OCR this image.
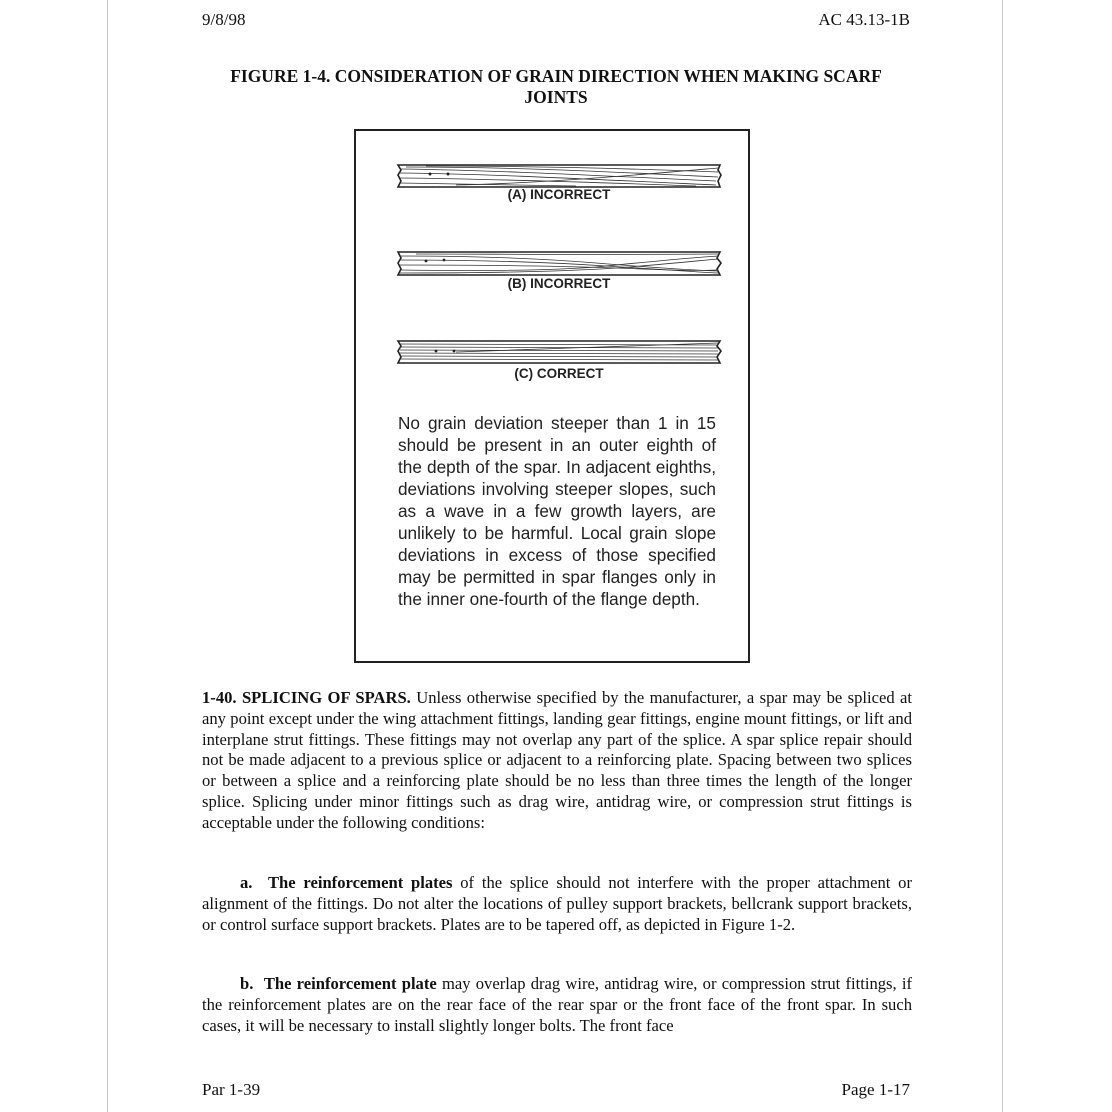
9/8/98	AC 43.13-1B
FIGURE 1-4. CONSIDERATION OF GRAIN DIRECTION WHEN MAKING SCARF JOINTS
(A) INCORRECT
(B) INCORRECT
(C) CORRECT
No grain deviation steeper than 1 in 15 should be present in an outer eighth of the depth of the spar. In adjacent eighths, deviations involving steeper slopes, such as a wave in a few growth layers, are unlikely to be harmful. Local grain slope deviations in excess of those specified may be permitted in spar flanges only in the inner one-fourth of the flange depth.

1-40. SPLICING OF SPARS. Unless otherwise specified by the manufacturer, a spar may be spliced at any point except under the wing attachment fittings, landing gear fittings, engine mount fittings, or lift and interplane strut fittings. These fittings may not overlap any part of the splice. A spar splice repair should not be made adjacent to a previous splice or adjacent to a reinforcing plate. Spacing between two splices or between a splice and a reinforcing plate should be no less than three times the length of the longer splice. Splicing under minor fittings such as drag wire, antidrag wire, or compression strut fittings is acceptable under the following conditions:

a. The reinforcement plates of the splice should not interfere with the proper attachment or alignment of the fittings. Do not alter the locations of pulley support brackets, bellcrank support brackets, or control surface support brackets. Plates are to be tapered off, as depicted in Figure 1-2.

b. The reinforcement plate may overlap drag wire, antidrag wire, or compression strut fittings, if the reinforcement plates are on the rear face of the rear spar or the front face of the front spar. In such cases, it will be necessary to install slightly longer bolts. The front face

Par 1-39	Page 1-17
